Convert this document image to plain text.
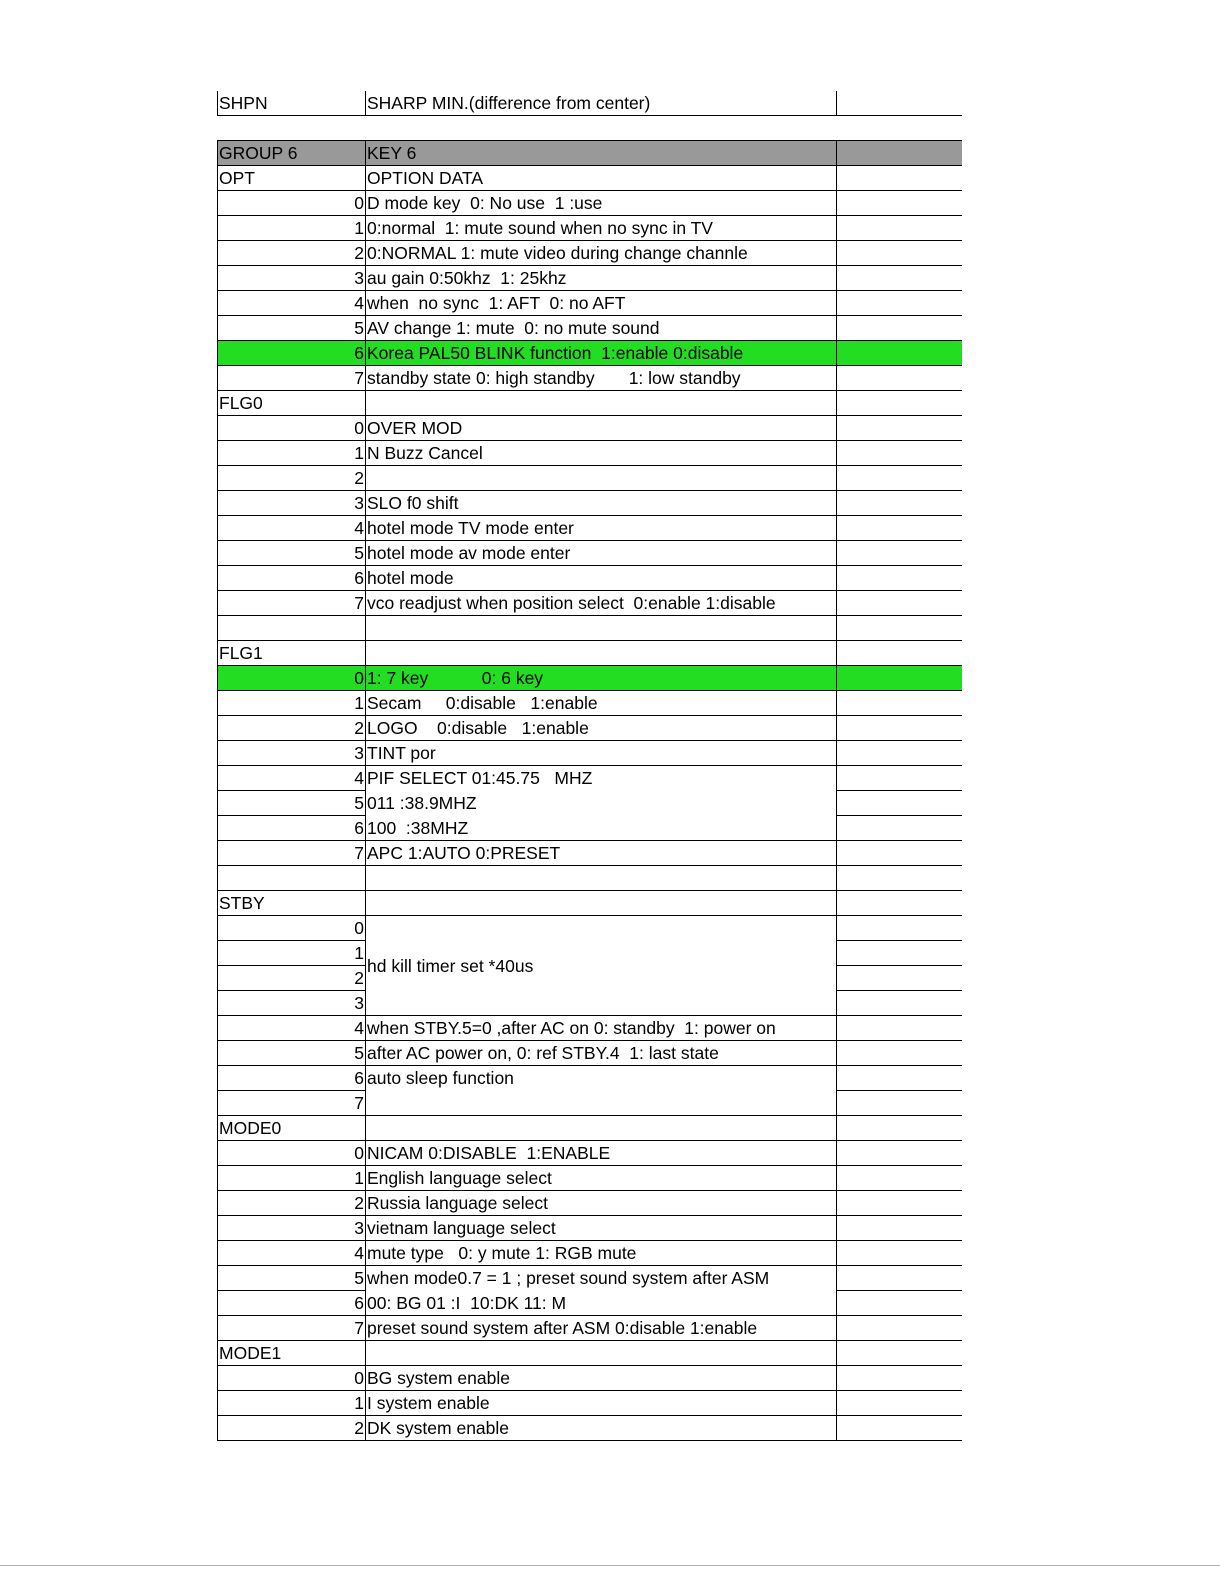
SHPN	SHARP MIN.(difference from center)	

GROUP 6	KEY 6	
OPT	OPTION DATA	
0	D mode key  0: No use  1 :use	
1	0:normal  1: mute sound when no sync in TV	
2	0:NORMAL 1: mute video during change channle	
3	au gain 0:50khz  1: 25khz	
4	when  no sync  1: AFT  0: no AFT	
5	AV change 1: mute  0: no mute sound	
6	Korea PAL50 BLINK function  1:enable 0:disable	
7	standby state 0: high standby       1: low standby	
FLG0		
0	OVER MOD	
1	N Buzz Cancel	
2		
3	SLO f0 shift	
4	hotel mode TV mode enter	
5	hotel mode av mode enter	
6	hotel mode	
7	vco readjust when position select  0:enable 1:disable	

FLG1		
0	1: 7 key           0: 6 key	
1	Secam     0:disable   1:enable	
2	LOGO    0:disable   1:enable	
3	TINT por	
4	PIF SELECT 01:45.75   MHZ	
5	011 :38.9MHZ	
6	100  :38MHZ	
7	APC 1:AUTO 0:PRESET	

STBY		
0	hd kill timer set *40us	
1		
2		
3		
4	when STBY.5=0 ,after AC on 0: standby  1: power on	
5	after AC power on, 0: ref STBY.4  1: last state	
6	auto sleep function	
7		
MODE0		
0	NICAM 0:DISABLE  1:ENABLE	
1	English language select	
2	Russia language select	
3	vietnam language select	
4	mute type   0: y mute 1: RGB mute	
5	when mode0.7 = 1 ; preset sound system after ASM	
6	00: BG 01 :I  10:DK 11: M	
7	preset sound system after ASM 0:disable 1:enable	
MODE1		
0	BG system enable	
1	I system enable	
2	DK system enable	
